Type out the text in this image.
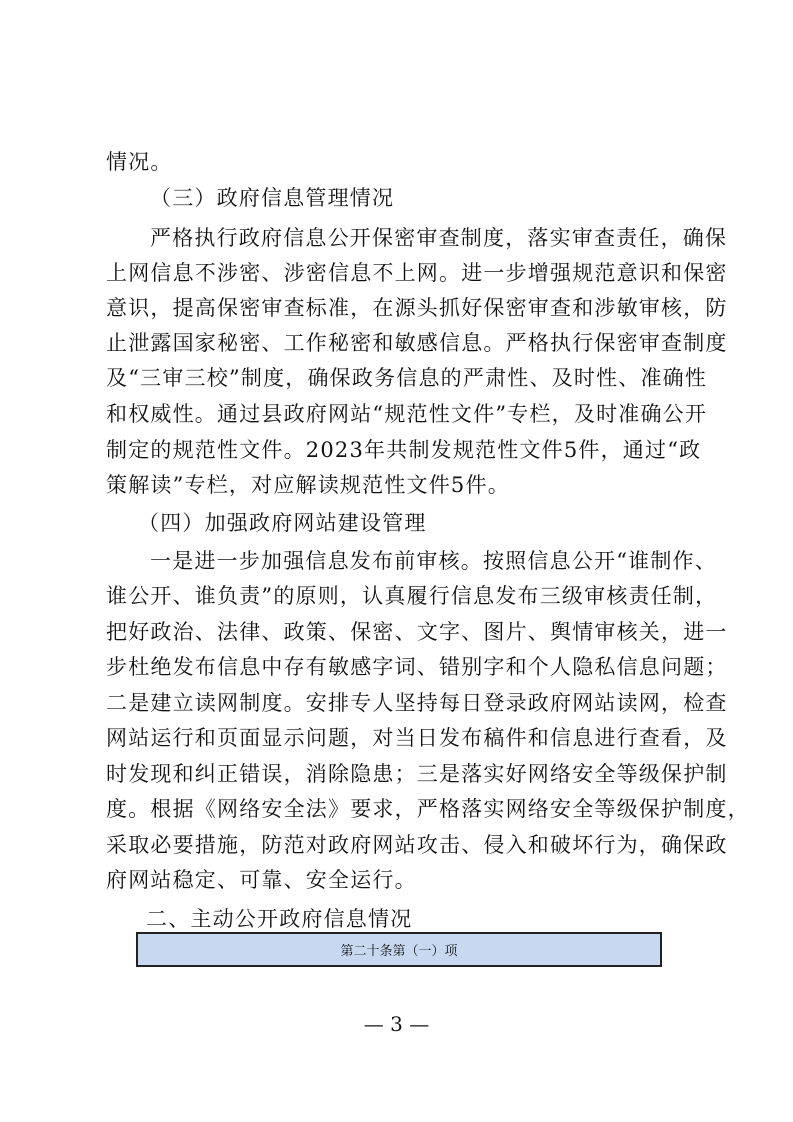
情况。
（三）政府信息管理情况
严格执行政府信息公开保密审查制度，落实审查责任，确保
上网信息不涉密、涉密信息不上网。进一步增强规范意识和保密
意识，提高保密审查标准，在源头抓好保密审查和涉敏审核，防
止泄露国家秘密、工作秘密和敏感信息。严格执行保密审查制度
及“三审三校”制度，确保政务信息的严肃性、及时性、准确性
和权威性。通过县政府网站“规范性文件”专栏，及时准确公开
制定的规范性文件。2023年共制发规范性文件5件，通过“政
策解读”专栏，对应解读规范性文件5件。
（四）加强政府网站建设管理
一是进一步加强信息发布前审核。按照信息公开“谁制作、
谁公开、谁负责”的原则，认真履行信息发布三级审核责任制，
把好政治、法律、政策、保密、文字、图片、舆情审核关，进一
步杜绝发布信息中存有敏感字词、错别字和个人隐私信息问题；
二是建立读网制度。安排专人坚持每日登录政府网站读网，检查
网站运行和页面显示问题，对当日发布稿件和信息进行查看，及
时发现和纠正错误，消除隐患；三是落实好网络安全等级保护制
度。根据《网络安全法》要求，严格落实网络安全等级保护制度，
采取必要措施，防范对政府网站攻击、侵入和破坏行为，确保政
府网站稳定、可靠、安全运行。
二、主动公开政府信息情况
第二十条第（一）项
— 3 —
